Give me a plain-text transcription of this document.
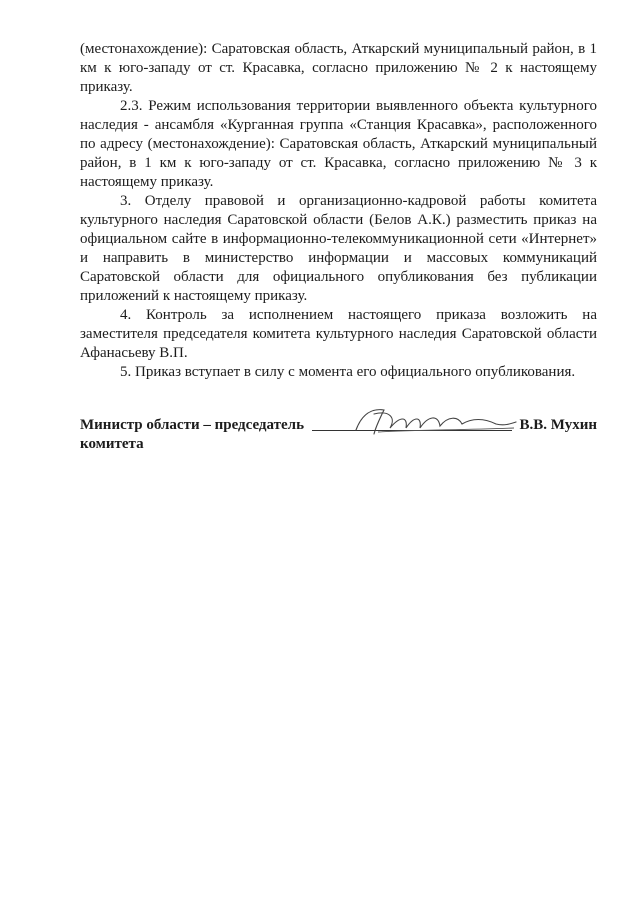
(местонахождение): Саратовская область, Аткарский муниципальный район, в 1 км к юго-западу от ст. Красавка, согласно приложению № 2 к настоящему приказу.

2.3. Режим использования территории выявленного объекта культурного наследия - ансамбля «Курганная группа «Станция Красавка», расположенного по адресу (местонахождение): Саратовская область, Аткарский муниципальный район, в 1 км к юго-западу от ст. Красавка, согласно приложению № 3 к настоящему приказу.

3. Отделу правовой и организационно-кадровой работы комитета культурного наследия Саратовской области (Белов А.К.) разместить приказ на официальном сайте в информационно-телекоммуникационной сети «Интернет» и направить в министерство информации и массовых коммуникаций Саратовской области для официального опубликования без публикации приложений к настоящему приказу.

4. Контроль за исполнением настоящего приказа возложить на заместителя председателя комитета культурного наследия Саратовской области Афанасьеву В.П.

5. Приказ вступает в силу с момента его официального опубликования.

Министр области – председатель комитета
В.В. Мухин
